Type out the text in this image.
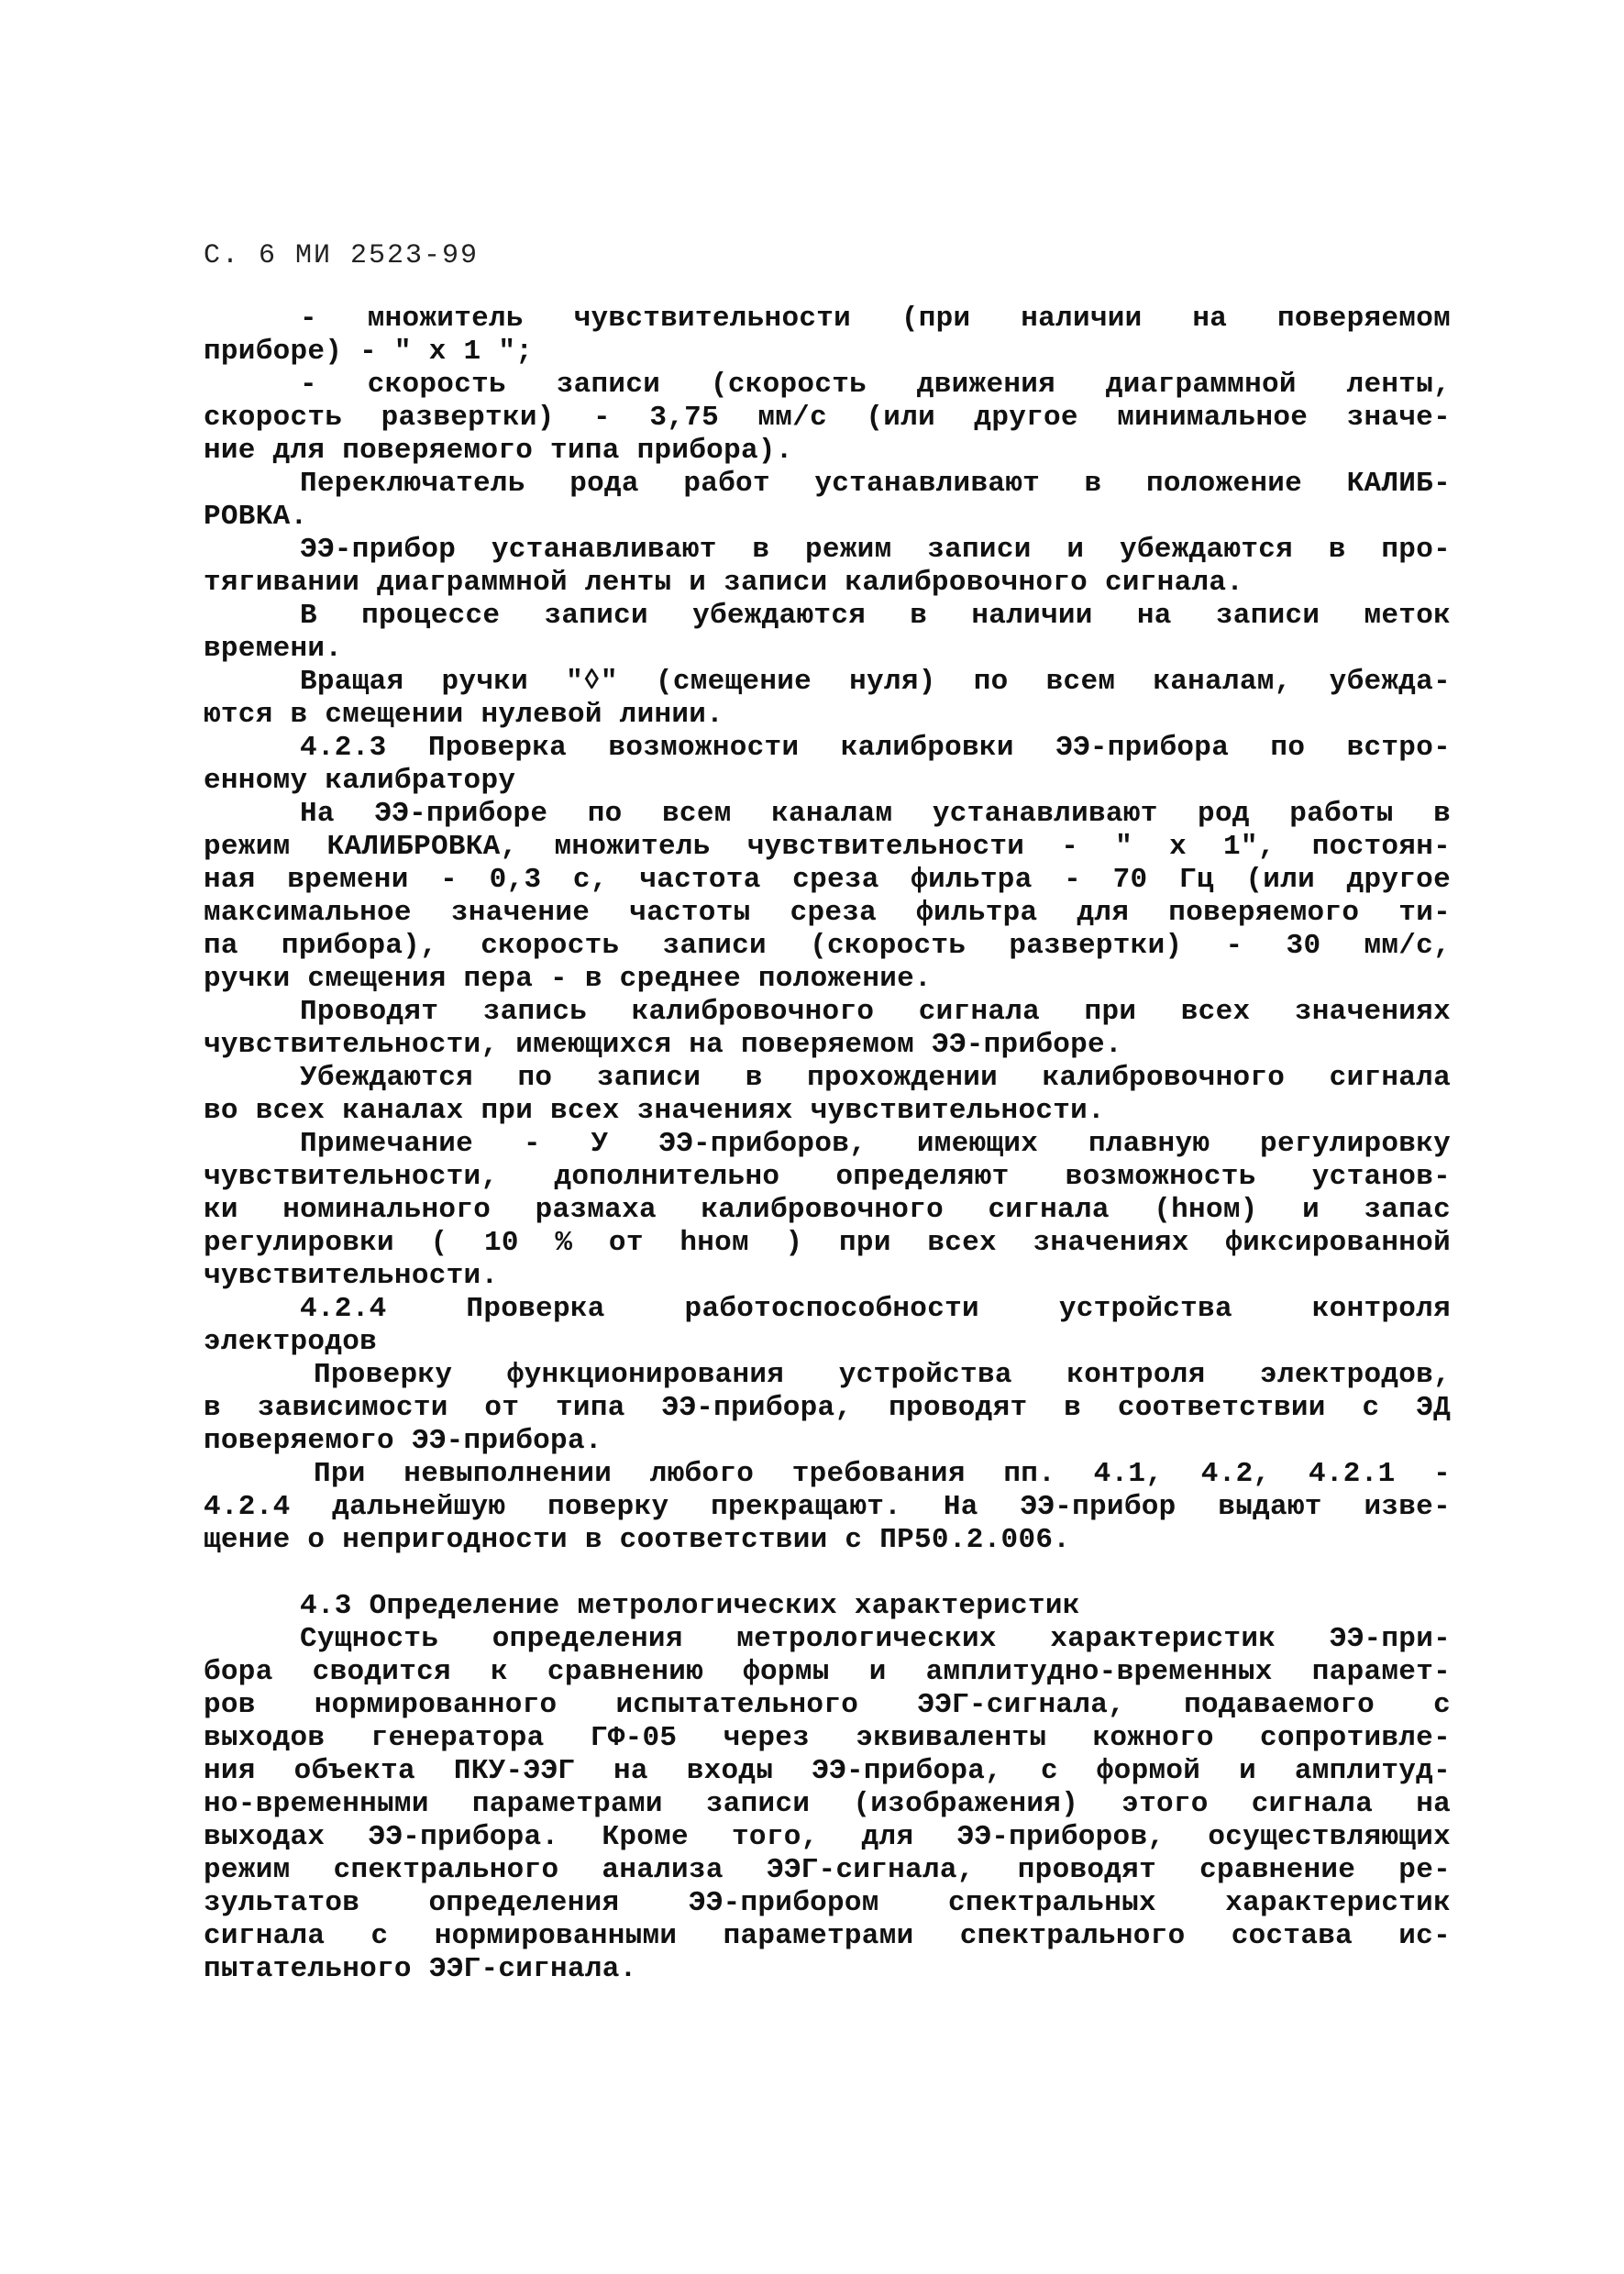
С. 6 МИ 2523-99
- множитель чувствительности (при наличии на поверяемом
приборе) - " х 1 ";
- скорость записи (скорость движения диаграммной ленты,
скорость развертки) - 3,75 мм/с (или другое минимальное значе-
ние для поверяемого типа прибора).
Переключатель рода работ устанавливают в положение КАЛИБ-
РОВКА.
ЭЭ-прибор устанавливают в режим записи и убеждаются в про-
тягивании диаграммной ленты и записи калибровочного сигнала.
В процессе записи убеждаются в наличии на записи меток
времени.
Вращая ручки "◊" (смещение нуля) по всем каналам, убежда-
ются в смещении нулевой линии.
4.2.3 Проверка возможности калибровки ЭЭ-прибора по встро-
енному калибратору
На ЭЭ-приборе по всем каналам устанавливают род работы в
режим КАЛИБРОВКА, множитель чувствительности - " х 1", постоян-
ная времени - 0,3 с, частота среза фильтра - 70 Гц (или другое
максимальное значение частоты среза фильтра для поверяемого ти-
па прибора), скорость записи (скорость развертки) - 30 мм/с,
ручки смещения пера - в среднее положение.
Проводят запись калибровочного сигнала при всех значениях
чувствительности, имеющихся на поверяемом ЭЭ-приборе.
Убеждаются по записи в прохождении калибровочного сигнала
во всех каналах при всех значениях чувствительности.
Примечание - У ЭЭ-приборов, имеющих плавную регулировку
чувствительности, дополнительно определяют возможность установ-
ки номинального размаха калибровочного сигнала (hном) и запас
регулировки ( 10 % от hном ) при всех значениях фиксированной
чувствительности.
4.2.4 Проверка работоспособности устройства контроля
электродов
Проверку функционирования устройства контроля электродов,
в зависимости от типа ЭЭ-прибора, проводят в соответствии с ЭД
поверяемого ЭЭ-прибора.
При невыполнении любого требования пп. 4.1, 4.2, 4.2.1 -
4.2.4 дальнейшую поверку прекращают. На ЭЭ-прибор выдают изве-
щение о непригодности в соответствии с ПР50.2.006.

4.3 Определение метрологических характеристик
Сущность определения метрологических характеристик ЭЭ-при-
бора сводится к сравнению формы и амплитудно-временных парамет-
ров нормированного испытательного ЭЭГ-сигнала, подаваемого с
выходов генератора ГФ-05 через эквиваленты кожного сопротивле-
ния объекта ПКУ-ЭЭГ на входы ЭЭ-прибора, с формой и амплитуд-
но-временными параметрами записи (изображения) этого сигнала на
выходах ЭЭ-прибора. Кроме того, для ЭЭ-приборов, осуществляющих
режим спектрального анализа ЭЭГ-сигнала, проводят сравнение ре-
зультатов определения ЭЭ-прибором спектральных характеристик
сигнала с нормированными параметрами спектрального состава ис-
пытательного ЭЭГ-сигнала.
